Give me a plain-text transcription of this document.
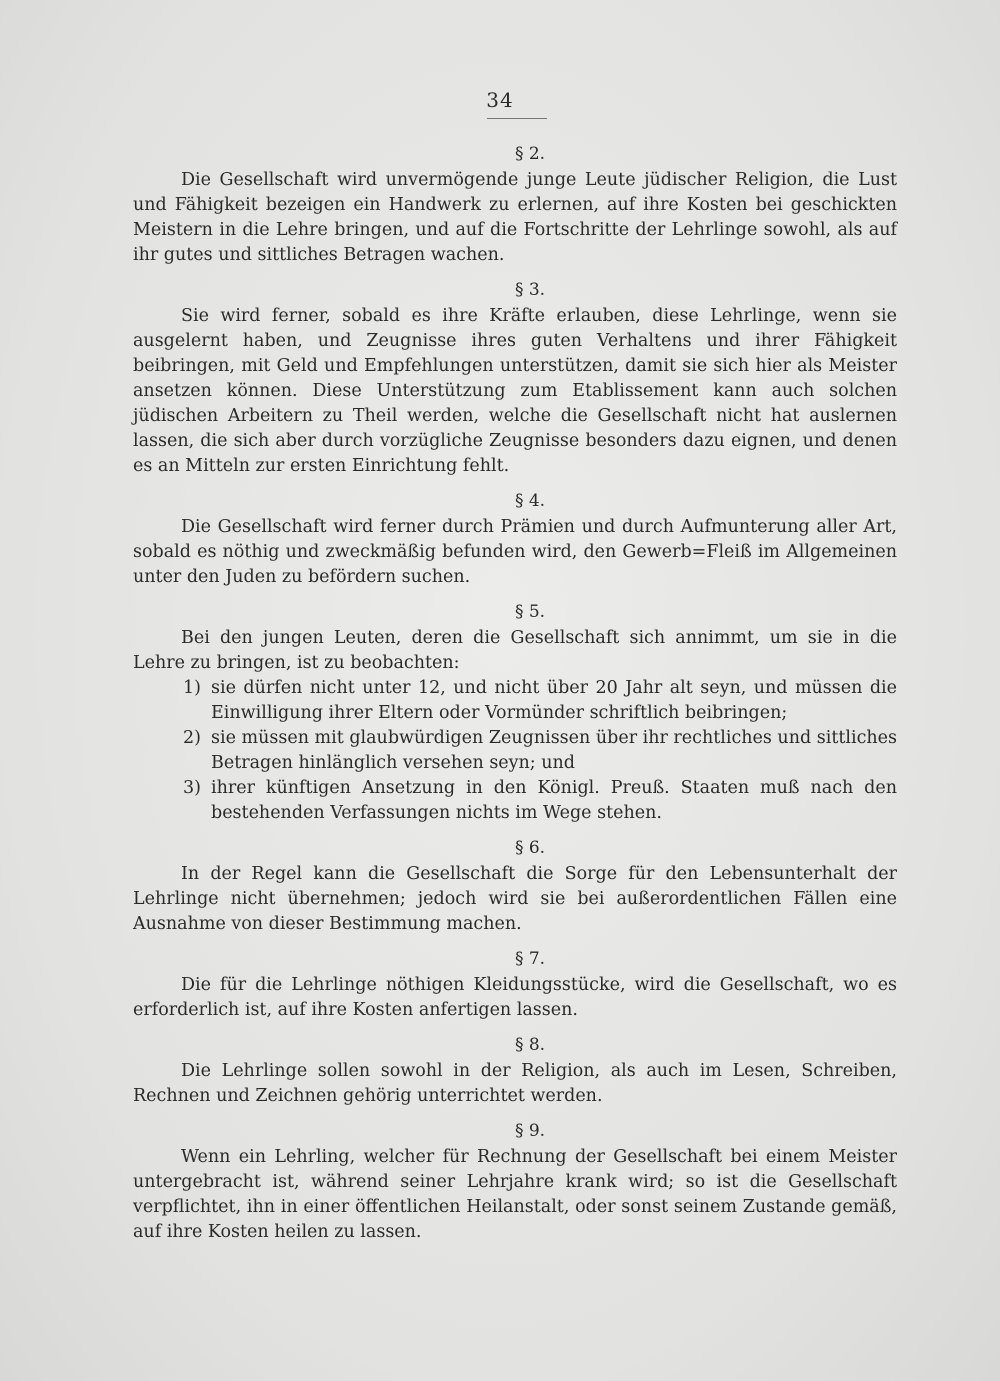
34
§ 2.

Die Gesellschaft wird unvermögende junge Leute jüdischer Religion, die Lust und Fähigkeit bezeigen ein Handwerk zu erlernen, auf ihre Kosten bei geschickten Meistern in die Lehre bringen, und auf die Fortschritte der Lehrlinge sowohl, als auf ihr gutes und sittliches Betragen wachen.

§ 3.

Sie wird ferner, sobald es ihre Kräfte erlauben, diese Lehrlinge, wenn sie ausgelernt haben, und Zeugnisse ihres guten Verhaltens und ihrer Fähigkeit beibringen, mit Geld und Empfehlungen unterstützen, damit sie sich hier als Meister ansetzen können. Diese Unterstützung zum Etablissement kann auch solchen jüdischen Arbeitern zu Theil werden, welche die Gesellschaft nicht hat auslernen lassen, die sich aber durch vorzügliche Zeugnisse besonders dazu eignen, und denen es an Mitteln zur ersten Einrichtung fehlt.

§ 4.

Die Gesellschaft wird ferner durch Prämien und durch Aufmunterung aller Art, sobald es nöthig und zweckmäßig befunden wird, den Gewerb=Fleiß im Allgemeinen unter den Juden zu befördern suchen.

§ 5.

Bei den jungen Leuten, deren die Gesellschaft sich annimmt, um sie in die Lehre zu bringen, ist zu beobachten:

1) sie dürfen nicht unter 12, und nicht über 20 Jahr alt seyn, und müssen die Einwilligung ihrer Eltern oder Vormünder schriftlich beibringen;
2) sie müssen mit glaubwürdigen Zeugnissen über ihr rechtliches und sittliches Betragen hinlänglich versehen seyn; und
3) ihrer künftigen Ansetzung in den Königl. Preuß. Staaten muß nach den bestehenden Verfassungen nichts im Wege stehen.
§ 6.

In der Regel kann die Gesellschaft die Sorge für den Lebensunterhalt der Lehrlinge nicht übernehmen; jedoch wird sie bei außerordentlichen Fällen eine Ausnahme von dieser Bestimmung machen.

§ 7.

Die für die Lehrlinge nöthigen Kleidungsstücke, wird die Gesellschaft, wo es erforderlich ist, auf ihre Kosten anfertigen lassen.

§ 8.

Die Lehrlinge sollen sowohl in der Religion, als auch im Lesen, Schreiben, Rechnen und Zeichnen gehörig unterrichtet werden.

§ 9.

Wenn ein Lehrling, welcher für Rechnung der Gesellschaft bei einem Meister untergebracht ist, während seiner Lehrjahre krank wird; so ist die Gesellschaft verpflichtet, ihn in einer öffentlichen Heilanstalt, oder sonst seinem Zustande gemäß, auf ihre Kosten heilen zu lassen.
